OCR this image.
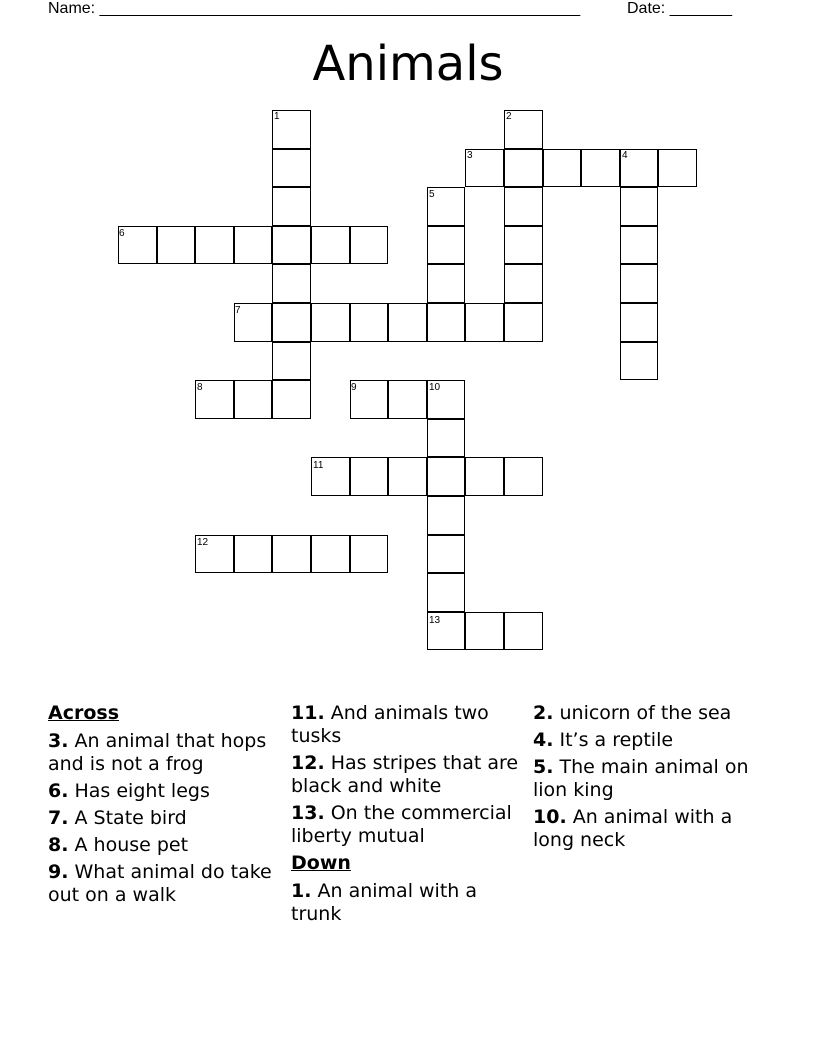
Name: ______________________________________________________	Date: _______
Animals
1	2
3	4
5
6
7
8	9	10
11
12
13
Across
3. An animal that hops and is not a frog
6. Has eight legs
7. A State bird
8. A house pet
9. What animal do take out on a walk
11. And animals two tusks
12. Has stripes that are black and white
13. On the commercial liberty mutual
Down
1. An animal with a trunk
2. unicorn of the sea
4. It’s a reptile
5. The main animal on lion king
10. An animal with a long neck
